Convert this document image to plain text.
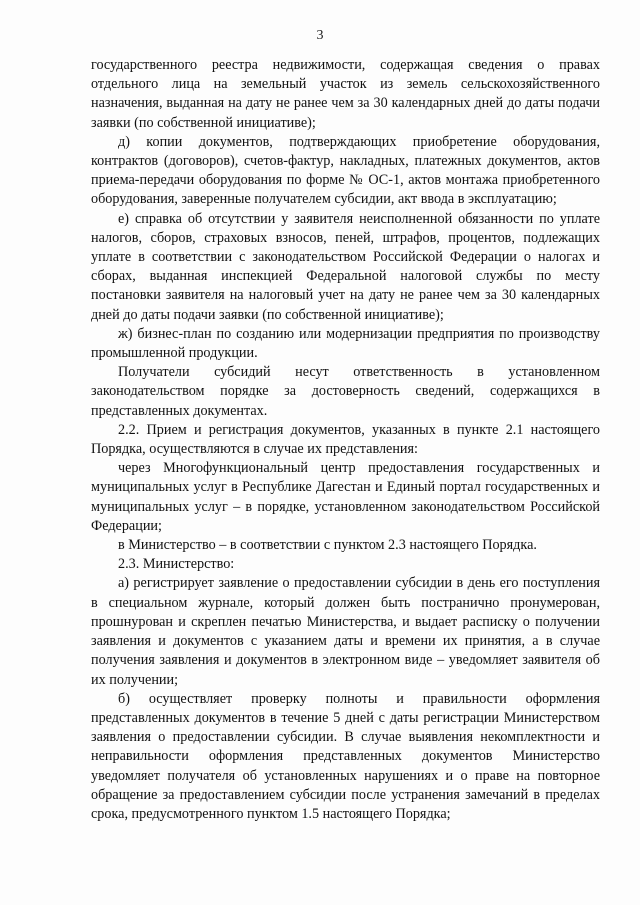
3

государственного реестра недвижимости, содержащая сведения о правах отдельного лица на земельный участок из земель сельскохозяйственного назначения, выданная на дату не ранее чем за 30 календарных дней до даты подачи заявки (по собственной инициативе);

д) копии документов, подтверждающих приобретение оборудования, контрактов (договоров), счетов-фактур, накладных, платежных документов, актов приема-передачи оборудования по форме № ОС-1, актов монтажа приобретенного оборудования, заверенные получателем субсидии, акт ввода в эксплуатацию;

е) справка об отсутствии у заявителя неисполненной обязанности по уплате налогов, сборов, страховых взносов, пеней, штрафов, процентов, подлежащих уплате в соответствии с законодательством Российской Федерации о налогах и сборах, выданная инспекцией Федеральной налоговой службы по месту постановки заявителя на налоговый учет на дату не ранее чем за 30 календарных дней до даты подачи заявки (по собственной инициативе);

ж) бизнес-план по созданию или модернизации предприятия по производству промышленной продукции.

Получатели субсидий несут ответственность в установленном законодательством порядке за достоверность сведений, содержащихся в представленных документах.

2.2. Прием и регистрация документов, указанных в пункте 2.1 настоящего Порядка, осуществляются в случае их представления:

через Многофункциональный центр предоставления государственных и муниципальных услуг в Республике Дагестан и Единый портал государственных и муниципальных услуг – в порядке, установленном законодательством Российской Федерации;

в Министерство – в соответствии с пунктом 2.3 настоящего Порядка.

2.3. Министерство:

а) регистрирует заявление о предоставлении субсидии в день его поступления в специальном журнале, который должен быть постранично пронумерован, прошнурован и скреплен печатью Министерства, и выдает расписку о получении заявления и документов с указанием даты и времени их принятия, а в случае получения заявления и документов в электронном виде – уведомляет заявителя об их получении;

б) осуществляет проверку полноты и правильности оформления представленных документов в течение 5 дней с даты регистрации Министерством заявления о предоставлении субсидии. В случае выявления некомплектности и неправильности оформления представленных документов Министерство уведомляет получателя об установленных нарушениях и о праве на повторное обращение за предоставлением субсидии после устранения замечаний в пределах срока, предусмотренного пунктом 1.5 настоящего Порядка;
